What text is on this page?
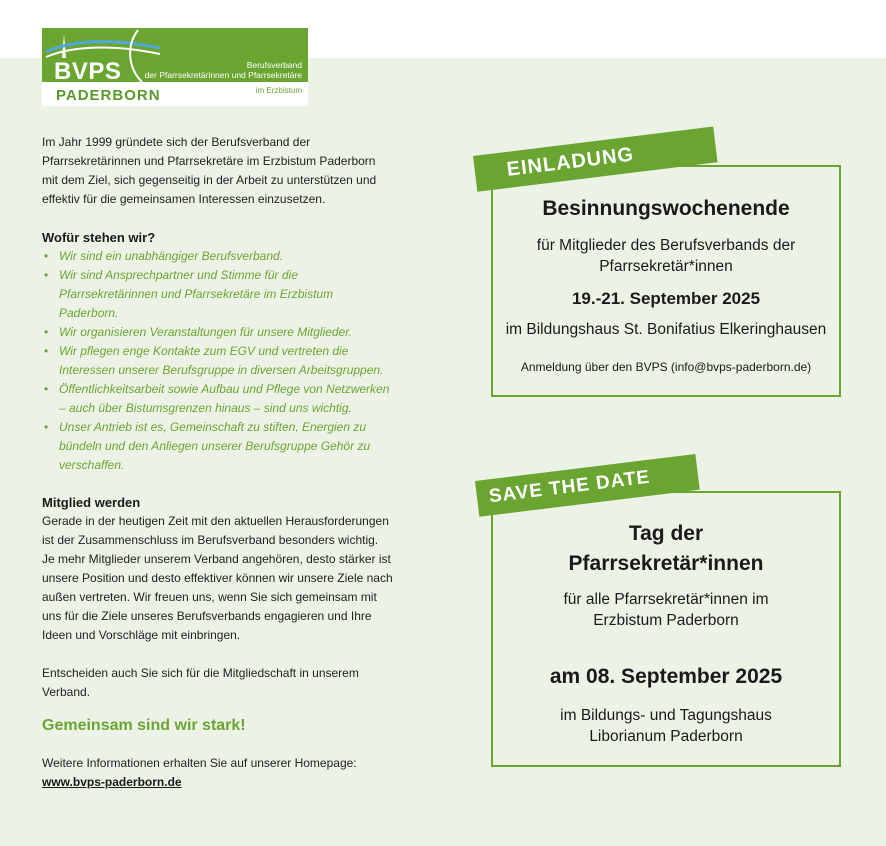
BVPS
PADERBORN
Berufsverband
der Pfarrsekretärinnen und Pfarrsekretäre
im Erzbistum

Im Jahr 1999 gründete sich der Berufsverband der Pfarrsekretärinnen und Pfarrsekretäre im Erzbistum Paderborn mit dem Ziel, sich gegenseitig in der Arbeit zu unterstützen und effektiv für die gemeinsamen Interessen einzusetzen.

Wofür stehen wir?

• Wir sind ein unabhängiger Berufsverband.
• Wir sind Ansprechpartner und Stimme für die Pfarrsekretärinnen und Pfarrsekretäre im Erzbistum Paderborn.
• Wir organisieren Veranstaltungen für unsere Mitglieder.
• Wir pflegen enge Kontakte zum EGV und vertreten die Interessen unserer Berufsgruppe in diversen Arbeitsgruppen.
• Öffentlichkeitsarbeit sowie Aufbau und Pflege von Netzwerken – auch über Bistumsgrenzen hinaus – sind uns wichtig.
• Unser Antrieb ist es, Gemeinschaft zu stiften, Energien zu bündeln und den Anliegen unserer Berufsgruppe Gehör zu verschaffen.

Mitglied werden

Gerade in der heutigen Zeit mit den aktuellen Herausforderungen ist der Zusammenschluss im Berufsverband besonders wichtig. Je mehr Mitglieder unserem Verband angehören, desto stärker ist unsere Position und desto effektiver können wir unsere Ziele nach außen vertreten. Wir freuen uns, wenn Sie sich gemeinsam mit uns für die Ziele unseres Berufsverbands engagieren und Ihre Ideen und Vorschläge mit einbringen.

Entscheiden auch Sie sich für die Mitgliedschaft in unserem Verband.

Gemeinsam sind wir stark!

Weitere Informationen erhalten Sie auf unserer Homepage:

www.bvps-paderborn.de
Besinnungswochenende
für Mitglieder des Berufsverbands der Pfarrsekretär*innen
19.-21. September 2025
im Bildungshaus St. Bonifatius Elkeringhausen
Anmeldung über den BVPS (info@bvps-paderborn.de)
EINLADUNG
Tag der
Pfarrsekretär*innen
für alle Pfarrsekretär*innen im
Erzbistum Paderborn
am 08. September 2025
im Bildungs- und Tagungshaus
Liborianum Paderborn
SAVE THE DATE
